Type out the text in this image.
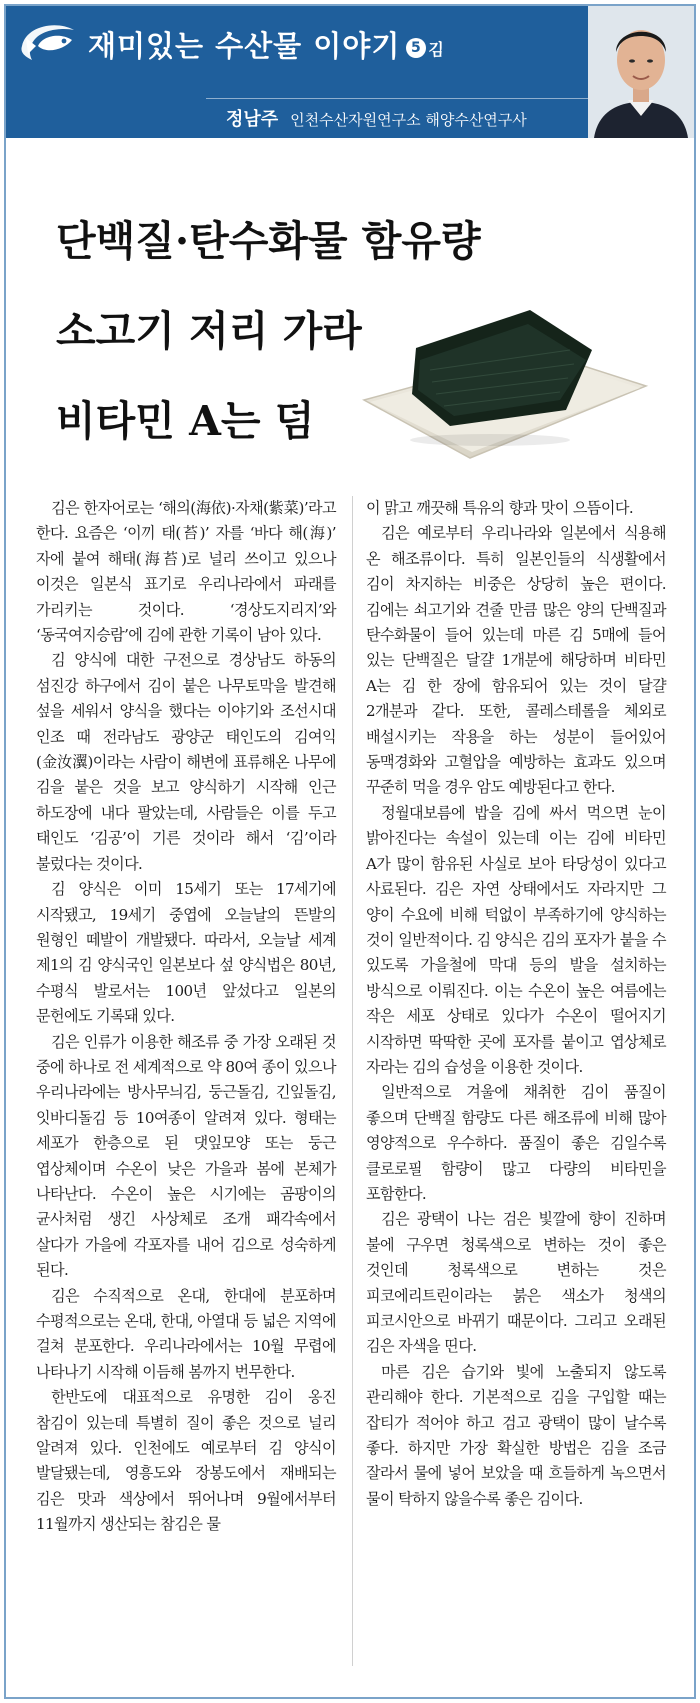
재미있는 수산물 이야기 5 김
정남주 인천수산자원연구소 해양수산연구사
단백질·탄수화물 함유량
소고기 저리 가라
비타민 A는 덤

김은 한자어로는 ‘해의(海依)·자채(紫菜)’라고 한다. 요즘은 ‘이끼 태(苔)’ 자를 ‘바다 해(海)’ 자에 붙여 해태(海苔)로 널리 쓰이고 있으나 이것은 일본식 표기로 우리나라에서 파래를 가리키는 것이다. ‘경상도지리지’와 ‘동국여지승람’에 김에 관한 기록이 남아 있다.

김 양식에 대한 구전으로 경상남도 하동의 섬진강 하구에서 김이 붙은 나무토막을 발견해 섶을 세워서 양식을 했다는 이야기와 조선시대 인조 때 전라남도 광양군 태인도의 김여익(金汝瀷)이라는 사람이 해변에 표류해온 나무에 김을 붙은 것을 보고 양식하기 시작해 인근 하도장에 내다 팔았는데, 사람들은 이를 두고 태인도 ‘김공’이 기른 것이라 해서 ‘김’이라 불렀다는 것이다.

김 양식은 이미 15세기 또는 17세기에 시작됐고, 19세기 중엽에 오늘날의 뜬발의 원형인 떼발이 개발됐다. 따라서, 오늘날 세계 제1의 김 양식국인 일본보다 섶 양식법은 80년, 수평식 발로서는 100년 앞섰다고 일본의 문헌에도 기록돼 있다.

김은 인류가 이용한 해조류 중 가장 오래된 것 중에 하나로 전 세계적으로 약 80여 종이 있으나 우리나라에는 방사무늬김, 둥근돌김, 긴잎돌김, 잇바디돌김 등 10여종이 알려져 있다. 형태는 세포가 한층으로 된 댓잎모양 또는 둥근 엽상체이며 수온이 낮은 가을과 봄에 본체가 나타난다. 수온이 높은 시기에는 곰팡이의 균사처럼 생긴 사상체로 조개 패각속에서 살다가 가을에 각포자를 내어 김으로 성숙하게 된다.

김은 수직적으로 온대, 한대에 분포하며 수평적으로는 온대, 한대, 아열대 등 넓은 지역에 걸쳐 분포한다. 우리나라에서는 10월 무렵에 나타나기 시작해 이듬해 봄까지 번무한다.

한반도에 대표적으로 유명한 김이 옹진 참김이 있는데 특별히 질이 좋은 것으로 널리 알려져 있다. 인천에도 예로부터 김 양식이 발달됐는데, 영흥도와 장봉도에서 재배되는 김은 맛과 색상에서 뛰어나며 9월에서부터 11월까지 생산되는 참김은 물

이 맑고 깨끗해 특유의 향과 맛이 으뜸이다.

김은 예로부터 우리나라와 일본에서 식용해 온 해조류이다. 특히 일본인들의 식생활에서 김이 차지하는 비중은 상당히 높은 편이다. 김에는 쇠고기와 견줄 만큼 많은 양의 단백질과 탄수화물이 들어 있는데 마른 김 5매에 들어 있는 단백질은 달걀 1개분에 해당하며 비타민 A는 김 한 장에 함유되어 있는 것이 달걀 2개분과 같다. 또한, 콜레스테롤을 체외로 배설시키는 작용을 하는 성분이 들어있어 동맥경화와 고혈압을 예방하는 효과도 있으며 꾸준히 먹을 경우 암도 예방된다고 한다.

정월대보름에 밥을 김에 싸서 먹으면 눈이 밝아진다는 속설이 있는데 이는 김에 비타민 A가 많이 함유된 사실로 보아 타당성이 있다고 사료된다. 김은 자연 상태에서도 자라지만 그 양이 수요에 비해 턱없이 부족하기에 양식하는 것이 일반적이다. 김 양식은 김의 포자가 붙을 수 있도록 가을철에 막대 등의 발을 설치하는 방식으로 이뤄진다. 이는 수온이 높은 여름에는 작은 세포 상태로 있다가 수온이 떨어지기 시작하면 딱딱한 곳에 포자를 붙이고 엽상체로 자라는 김의 습성을 이용한 것이다.

일반적으로 겨울에 채취한 김이 품질이 좋으며 단백질 함량도 다른 해조류에 비해 많아 영양적으로 우수하다. 품질이 좋은 김일수록 클로로필 함량이 많고 다량의 비타민을 포함한다.

김은 광택이 나는 검은 빛깔에 향이 진하며 불에 구우면 청록색으로 변하는 것이 좋은 것인데 청록색으로 변하는 것은 피코에리트린이라는 붉은 색소가 청색의 피코시안으로 바뀌기 때문이다. 그리고 오래된 김은 자색을 띤다.

마른 김은 습기와 빛에 노출되지 않도록 관리해야 한다. 기본적으로 김을 구입할 때는 잡티가 적어야 하고 검고 광택이 많이 날수록 좋다. 하지만 가장 확실한 방법은 김을 조금 잘라서 물에 넣어 보았을 때 흐들하게 녹으면서 물이 탁하지 않을수록 좋은 김이다.
